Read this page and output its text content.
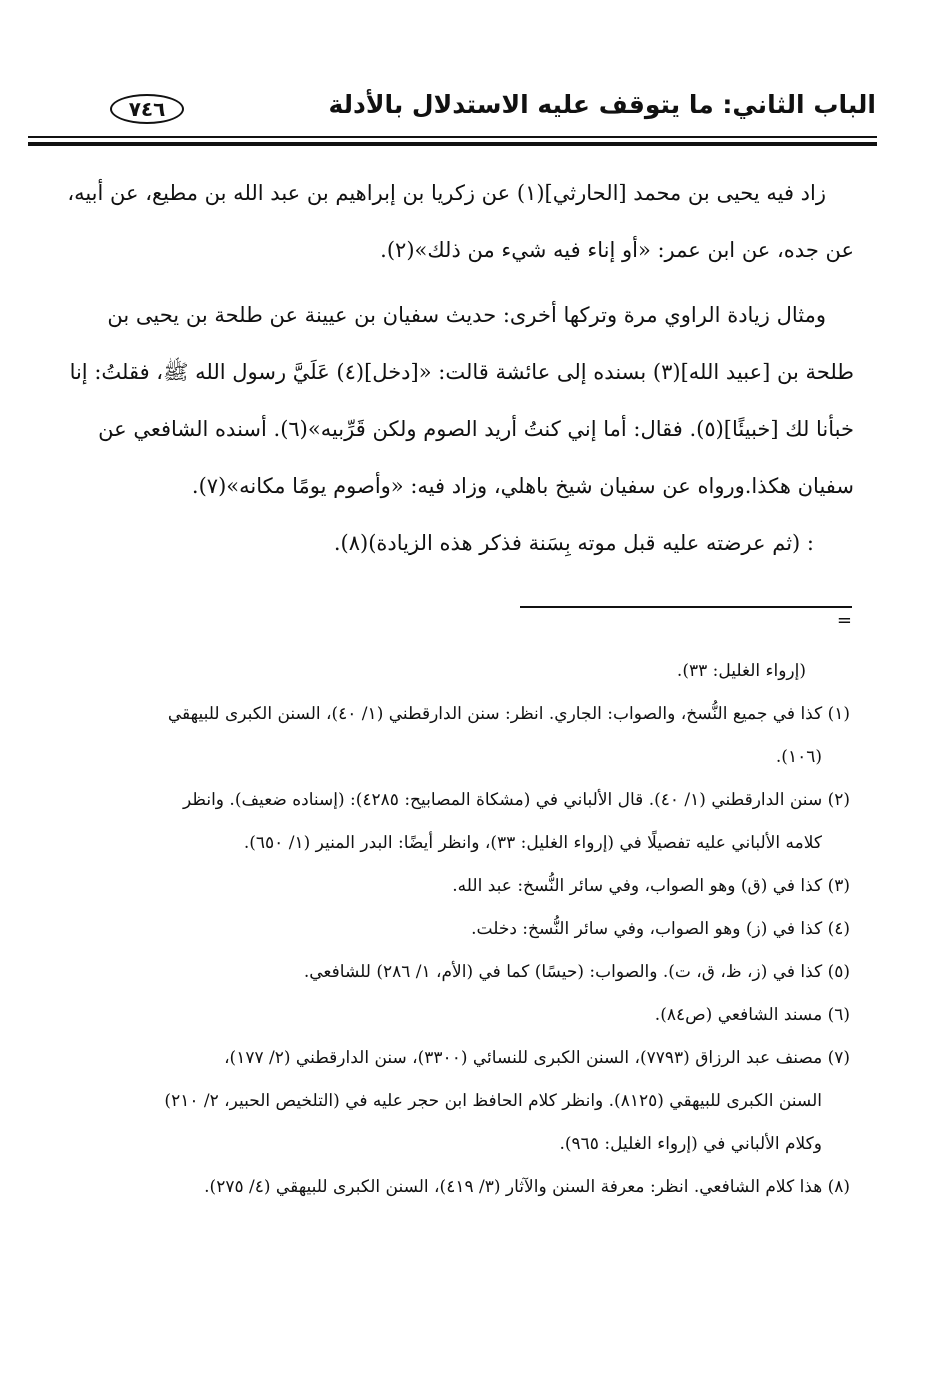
الباب الثاني: ما يتوقف عليه الاستدلال بالأدلة
٧٤٦
زاد فيه يحيى بن محمد [الحارثي](١) عن زكريا بن إبراهيم بن عبد الله بن مطيع، عن أبيه،
عن جده، عن ابن عمر: «أو إناء فيه شيء من ذلك»(٢).
ومثال زيادة الراوي مرة وتركها أخرى: حديث سفيان بن عيينة عن طلحة بن يحيى بن
طلحة بن [عبيد الله](٣) بسنده إلى عائشة قالت: «[دخل](٤) عَلَيَّ رسول الله ﷺ، فقلتُ: إنا
خبأنا لك [خبيئًا](٥). فقال: أما إني كنتُ أريد الصوم ولكن قَرِّبيه»(٦). أسنده الشافعي عن
سفيان هكذا.ورواه عن سفيان شيخ باهلي، وزاد فيه: «وأصوم يومًا مكانه»(٧).
: (ثم عرضته عليه قبل موته بِسَنة فذكر هذه الزيادة)(٨).
=
(إرواء الغليل: ٣٣).
(١) كذا في جميع النُّسخ، والصواب: الجاري. انظر: سنن الدارقطني (١/ ٤٠)، السنن الكبرى للبيهقي
(١٠٦).
(٢) سنن الدارقطني (١/ ٤٠). قال الألباني في (مشكاة المصابيح: ٤٢٨٥): (إسناده ضعيف). وانظر
كلامه الألباني عليه تفصيلًا في (إرواء الغليل: ٣٣)، وانظر أيضًا: البدر المنير (١/ ٦٥٠).
(٣) كذا في (ق) وهو الصواب، وفي سائر النُّسخ: عبد الله.
(٤) كذا في (ز) وهو الصواب، وفي سائر النُّسخ: دخلت.
(٥) كذا في (ز، ظ، ق، ت). والصواب: (حيسًا) كما في (الأم، ١/ ٢٨٦) للشافعي.
(٦) مسند الشافعي (ص٨٤).
(٧) مصنف عبد الرزاق (٧٧٩٣)، السنن الكبرى للنسائي (٣٣٠٠)، سنن الدارقطني (٢/ ١٧٧)،
السنن الكبرى للبيهقي (٨١٢٥). وانظر كلام الحافظ ابن حجر عليه في (التلخيص الحبير، ٢/ ٢١٠)
وكلام الألباني في (إرواء الغليل: ٩٦٥).
(٨) هذا كلام الشافعي. انظر: معرفة السنن والآثار (٣/ ٤١٩)، السنن الكبرى للبيهقي (٤/ ٢٧٥).
